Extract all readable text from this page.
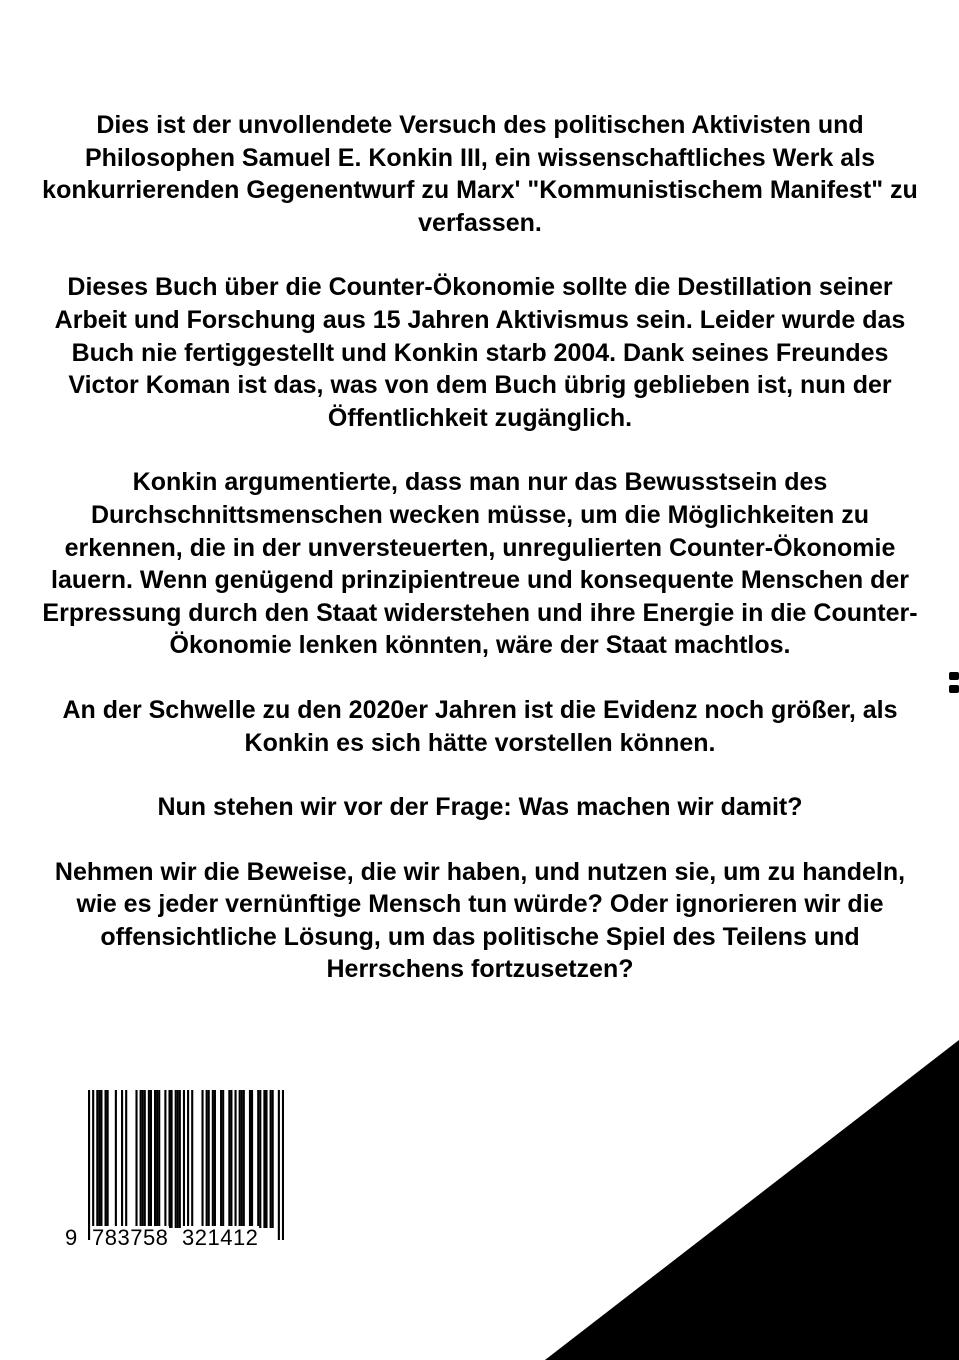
Dies ist der unvollendete Versuch des politischen Aktivisten und Philosophen Samuel E. Konkin III, ein wissenschaftliches Werk als konkurrierenden Gegenentwurf zu Marx' "Kommunistischem Manifest" zu verfassen.

Dieses Buch über die Counter-Ökonomie sollte die Destillation seiner Arbeit und Forschung aus 15 Jahren Aktivismus sein. Leider wurde das Buch nie fertiggestellt und Konkin starb 2004. Dank seines Freundes Victor Koman ist das, was von dem Buch übrig geblieben ist, nun der Öffentlichkeit zugänglich.

Konkin argumentierte, dass man nur das Bewusstsein des Durchschnittsmenschen wecken müsse, um die Möglichkeiten zu erkennen, die in der unversteuerten, unregulierten Counter-Ökonomie lauern. Wenn genügend prinzipientreue und konsequente Menschen der Erpressung durch den Staat widerstehen und ihre Energie in die Counter-Ökonomie lenken könnten, wäre der Staat machtlos.

An der Schwelle zu den 2020er Jahren ist die Evidenz noch größer, als Konkin es sich hätte vorstellen können.

Nun stehen wir vor der Frage: Was machen wir damit?

Nehmen wir die Beweise, die wir haben, und nutzen sie, um zu handeln, wie es jeder vernünftige Mensch tun würde? Oder ignorieren wir die offensichtliche Lösung, um das politische Spiel des Teilens und Herrschens fortzusetzen?

9 783758 321412
